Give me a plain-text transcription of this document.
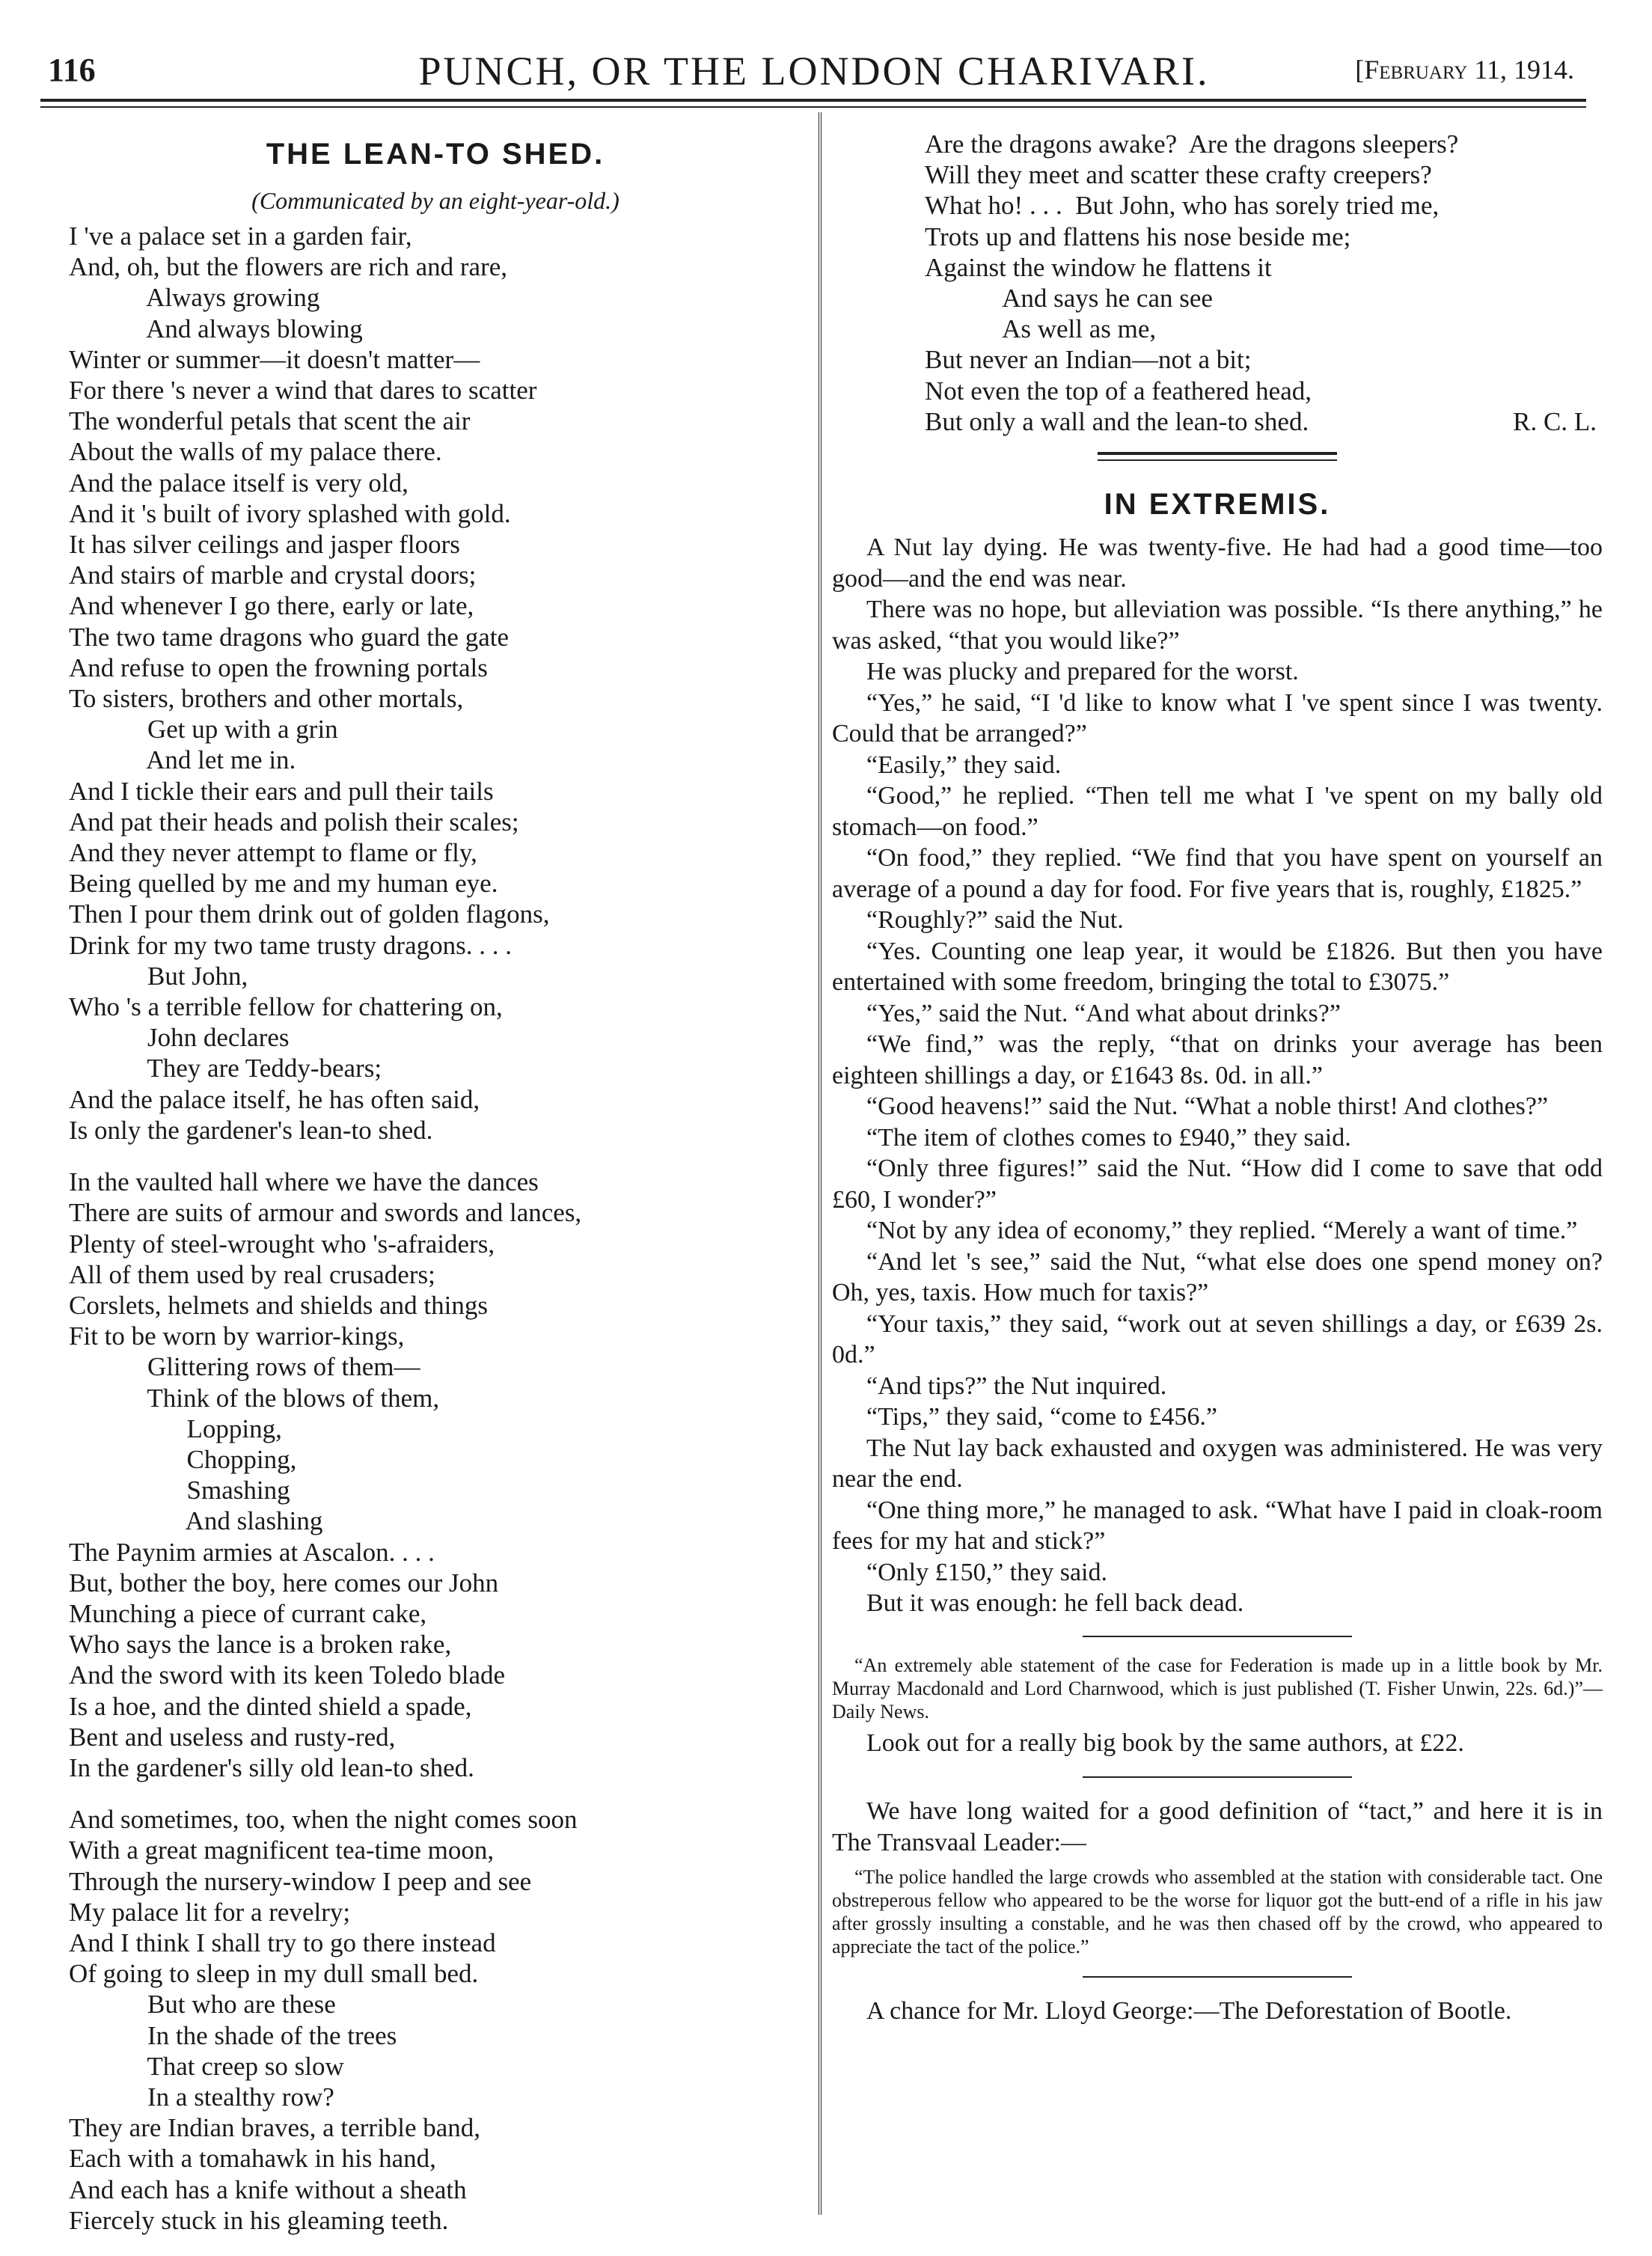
116	PUNCH, OR THE LONDON CHARIVARI.	[February 11, 1914.
THE LEAN-TO SHED.
(Communicated by an eight-year-old.)
I 've a palace set in a garden fair,
And, oh, but the flowers are rich and rare,
Always growing
And always blowing
Winter or summer—it doesn't matter—
For there 's never a wind that dares to scatter
The wonderful petals that scent the air
About the walls of my palace there.
And the palace itself is very old,
And it 's built of ivory splashed with gold.
It has silver ceilings and jasper floors
And stairs of marble and crystal doors;
And whenever I go there, early or late,
The two tame dragons who guard the gate
And refuse to open the frowning portals
To sisters, brothers and other mortals,
Get up with a grin
And let me in.
And I tickle their ears and pull their tails
And pat their heads and polish their scales;
And they never attempt to flame or fly,
Being quelled by me and my human eye.
Then I pour them drink out of golden flagons,
Drink for my two tame trusty dragons. . . .
But John,
Who 's a terrible fellow for chattering on,
John declares
They are Teddy-bears;
And the palace itself, he has often said,
Is only the gardener's lean-to shed.
In the vaulted hall where we have the dances
There are suits of armour and swords and lances,
Plenty of steel-wrought who 's-afraiders,
All of them used by real crusaders;
Corslets, helmets and shields and things
Fit to be worn by warrior-kings,
Glittering rows of them—
Think of the blows of them,
Lopping,
Chopping,
Smashing
And slashing
The Paynim armies at Ascalon. . . .
But, bother the boy, here comes our John
Munching a piece of currant cake,
Who says the lance is a broken rake,
And the sword with its keen Toledo blade
Is a hoe, and the dinted shield a spade,
Bent and useless and rusty-red,
In the gardener's silly old lean-to shed.
And sometimes, too, when the night comes soon
With a great magnificent tea-time moon,
Through the nursery-window I peep and see
My palace lit for a revelry;
And I think I shall try to go there instead
Of going to sleep in my dull small bed.
But who are these
In the shade of the trees
That creep so slow
In a stealthy row?
They are Indian braves, a terrible band,
Each with a tomahawk in his hand,
And each has a knife without a sheath
Fiercely stuck in his gleaming teeth.
Are the dragons awake?  Are the dragons sleepers?
Will they meet and scatter these crafty creepers?
What ho! . . .  But John, who has sorely tried me,
Trots up and flattens his nose beside me;
Against the window he flattens it
And says he can see
As well as me,
But never an Indian—not a bit;
Not even the top of a feathered head,
But only a wall and the lean-to shed.	R. C. L.
IN EXTREMIS.

A Nut lay dying. He was twenty-five. He had had a good time—too good—and the end was near.

There was no hope, but alleviation was possible. “Is there anything,” he was asked, “that you would like?”

He was plucky and prepared for the worst.

“Yes,” he said, “I 'd like to know what I 've spent since I was twenty. Could that be arranged?”

“Easily,” they said.

“Good,” he replied. “Then tell me what I 've spent on my bally old stomach—on food.”

“On food,” they replied. “We find that you have spent on yourself an average of a pound a day for food. For five years that is, roughly, £1825.”

“Roughly?” said the Nut.

“Yes. Counting one leap year, it would be £1826. But then you have entertained with some freedom, bringing the total to £3075.”

“Yes,” said the Nut. “And what about drinks?”

“We find,” was the reply, “that on drinks your average has been eighteen shillings a day, or £1643 8s. 0d. in all.”

“Good heavens!” said the Nut. “What a noble thirst! And clothes?”

“The item of clothes comes to £940,” they said.

“Only three figures!” said the Nut. “How did I come to save that odd £60, I wonder?”

“Not by any idea of economy,” they replied. “Merely a want of time.”

“And let 's see,” said the Nut, “what else does one spend money on? Oh, yes, taxis. How much for taxis?”

“Your taxis,” they said, “work out at seven shillings a day, or £639 2s. 0d.”

“And tips?” the Nut inquired.

“Tips,” they said, “come to £456.”

The Nut lay back exhausted and oxygen was administered. He was very near the end.

“One thing more,” he managed to ask. “What have I paid in cloak-room fees for my hat and stick?”

“Only £150,” they said.

But it was enough: he fell back dead.

“An extremely able statement of the case for Federation is made up in a little book by Mr. Murray Macdonald and Lord Charnwood, which is just published (T. Fisher Unwin, 22s. 6d.)”—Daily News.

Look out for a really big book by the same authors, at £22.

We have long waited for a good definition of “tact,” and here it is in The Transvaal Leader:—

“The police handled the large crowds who assembled at the station with considerable tact. One obstreperous fellow who appeared to be the worse for liquor got the butt-end of a rifle in his jaw after grossly insulting a constable, and he was then chased off by the crowd, who appeared to appreciate the tact of the police.”

A chance for Mr. Lloyd George:—The Deforestation of Bootle.
